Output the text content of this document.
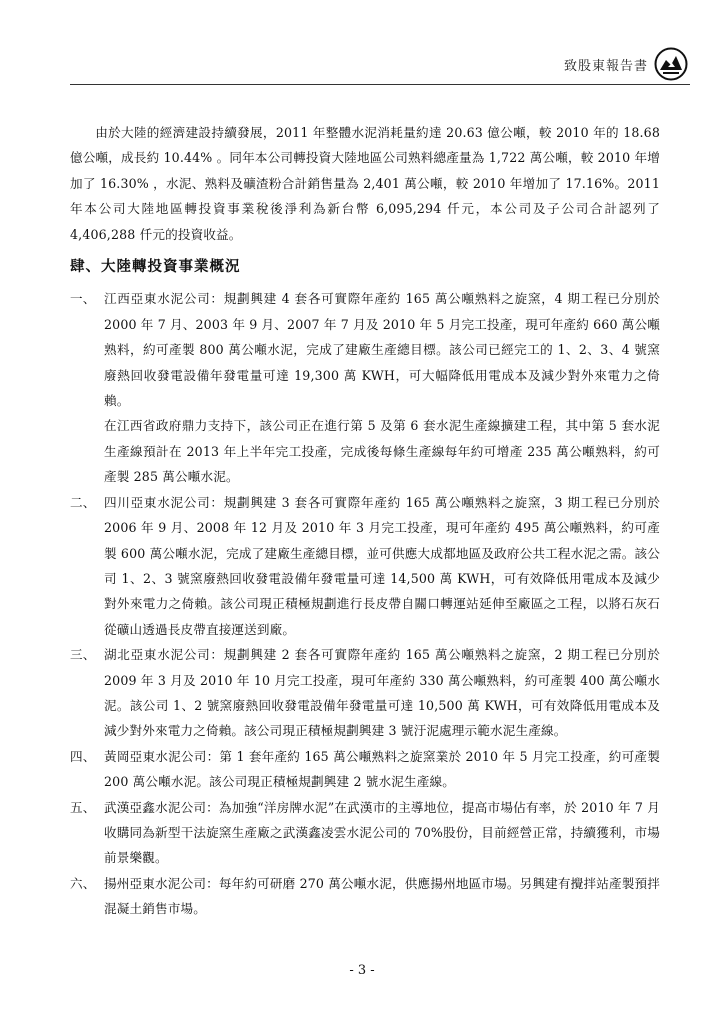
致股東報告書

由於大陸的經濟建設持續發展，2011 年整體水泥消耗量約達 20.63 億公噸，較 2010 年的 18.68 億公噸，成長約 10.44% 。同年本公司轉投資大陸地區公司熟料總產量為 1,722 萬公噸，較 2010 年增加了 16.30% ，水泥、熟料及礦渣粉合計銷售量為 2,401 萬公噸，較 2010 年增加了 17.16%。2011 年本公司大陸地區轉投資事業稅後淨利為新台幣 6,095,294 仟元，本公司及子公司合計認列了 4,406,288 仟元的投資收益。

肆、大陸轉投資事業概況
一、 江西亞東水泥公司：規劃興建 4 套各可實際年產約 165 萬公噸熟料之旋窯，4 期工程已分別於 2000 年 7 月、2003 年 9 月、2007 年 7 月及 2010 年 5 月完工投產，現可年產約 660 萬公噸熟料，約可產製 800 萬公噸水泥，完成了建廠生產總目標。該公司已經完工的 1、2、3、4 號窯廢熱回收發電設備年發電量可達 19,300 萬 KWH，可大幅降低用電成本及減少對外來電力之倚賴。

在江西省政府鼎力支持下，該公司正在進行第 5 及第 6 套水泥生產線擴建工程，其中第 5 套水泥生產線預計在 2013 年上半年完工投產，完成後每條生產線每年約可增產 235 萬公噸熟料，約可產製 285 萬公噸水泥。

二、 四川亞東水泥公司：規劃興建 3 套各可實際年產約 165 萬公噸熟料之旋窯，3 期工程已分別於 2006 年 9 月、2008 年 12 月及 2010 年 3 月完工投產，現可年產約 495 萬公噸熟料，約可產製 600 萬公噸水泥，完成了建廠生產總目標，並可供應大成都地區及政府公共工程水泥之需。該公司 1、2、3 號窯廢熱回收發電設備年發電量可達 14,500 萬 KWH，可有效降低用電成本及減少對外來電力之倚賴。該公司現正積極規劃進行長皮帶自關口轉運站延伸至廠區之工程，以將石灰石從礦山透過長皮帶直接運送到廠。

三、 湖北亞東水泥公司：規劃興建 2 套各可實際年產約 165 萬公噸熟料之旋窯，2 期工程已分別於 2009 年 3 月及 2010 年 10 月完工投產，現可年產約 330 萬公噸熟料，約可產製 400 萬公噸水泥。該公司 1、2 號窯廢熱回收發電設備年發電量可達 10,500 萬 KWH，可有效降低用電成本及減少對外來電力之倚賴。該公司現正積極規劃興建 3 號汙泥處理示範水泥生產線。

四、 黃岡亞東水泥公司：第 1 套年產約 165 萬公噸熟料之旋窯業於 2010 年 5 月完工投產，約可產製 200 萬公噸水泥。該公司現正積極規劃興建 2 號水泥生產線。

五、 武漢亞鑫水泥公司：為加強“洋房牌水泥”在武漢市的主導地位，提高市場佔有率，於 2010 年 7 月收購同為新型干法旋窯生產廠之武漢鑫凌雲水泥公司的 70%股份，目前經營正常，持續獲利，市場前景樂觀。

六、 揚州亞東水泥公司：每年約可研磨 270 萬公噸水泥，供應揚州地區市場。另興建有攪拌站產製預拌混凝土銷售市場。

- 3 -
